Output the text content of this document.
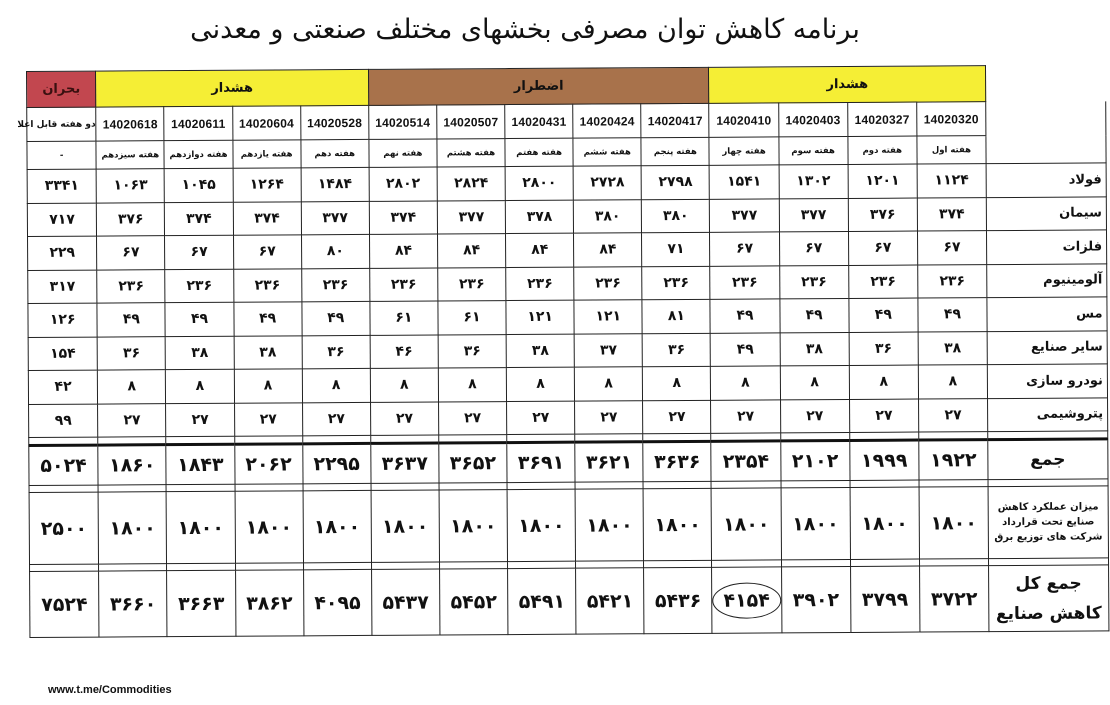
برنامه کاهش توان مصرفی بخشهای مختلف صنعتی و معدنی
	هشدار				اضطرار					هشدار				بحران
	14020320	14020327	14020403	14020410	14020417	14020424	14020431	14020507	14020514	14020528	14020604	14020611	14020618	دو هفته قابل اعلا
	هفته اول	هفته دوم	هفته سوم	هفته چهار	هفته پنجم	هفته ششم	هفته هفتم	هفته هشتم	هفته نهم	هفته دهم	هفته یازدهم	هفته دوازدهم	هفته سیزدهم	-
فولاد	۱۱۲۴	۱۲۰۱	۱۳۰۲	۱۵۴۱	۲۷۹۸	۲۷۲۸	۲۸۰۰	۲۸۲۴	۲۸۰۲	۱۴۸۴	۱۲۶۴	۱۰۴۵	۱۰۶۳	۳۳۴۱
سیمان	۳۷۴	۳۷۶	۳۷۷	۳۷۷	۳۸۰	۳۸۰	۳۷۸	۳۷۷	۳۷۴	۳۷۷	۳۷۴	۳۷۴	۳۷۶	۷۱۷
فلزات	۶۷	۶۷	۶۷	۶۷	۷۱	۸۴	۸۴	۸۴	۸۴	۸۰	۶۷	۶۷	۶۷	۲۲۹
آلومینیوم	۲۳۶	۲۳۶	۲۳۶	۲۳۶	۲۳۶	۲۳۶	۲۳۶	۲۳۶	۲۳۶	۲۳۶	۲۳۶	۲۳۶	۲۳۶	۳۱۷
مس	۴۹	۴۹	۴۹	۴۹	۸۱	۱۲۱	۱۲۱	۶۱	۶۱	۴۹	۴۹	۴۹	۴۹	۱۲۶
سایر صنایع	۳۸	۳۶	۳۸	۴۹	۳۶	۳۷	۳۸	۳۶	۴۶	۳۶	۳۸	۳۸	۳۶	۱۵۴
نودرو سازی	۸	۸	۸	۸	۸	۸	۸	۸	۸	۸	۸	۸	۸	۴۲
پتروشیمی	۲۷	۲۷	۲۷	۲۷	۲۷	۲۷	۲۷	۲۷	۲۷	۲۷	۲۷	۲۷	۲۷	۹۹

جمع	۱۹۲۲	۱۹۹۹	۲۱۰۲	۲۳۵۴	۳۶۳۶	۳۶۲۱	۳۶۹۱	۳۶۵۲	۳۶۳۷	۲۲۹۵	۲۰۶۲	۱۸۴۳	۱۸۶۰	۵۰۲۴

میزان عملکرد کاهش صنایع تحت قرارداد شرکت های توزیع برق	۱۸۰۰	۱۸۰۰	۱۸۰۰	۱۸۰۰	۱۸۰۰	۱۸۰۰	۱۸۰۰	۱۸۰۰	۱۸۰۰	۱۸۰۰	۱۸۰۰	۱۸۰۰	۱۸۰۰	۲۵۰۰

جمع کل کاهش صنایع	۳۷۲۲	۳۷۹۹	۳۹۰۲	۴۱۵۴	۵۴۳۶	۵۴۲۱	۵۴۹۱	۵۴۵۲	۵۴۳۷	۴۰۹۵	۳۸۶۲	۳۶۶۳	۳۶۶۰	۷۵۲۴
www.t.me/Commodities
